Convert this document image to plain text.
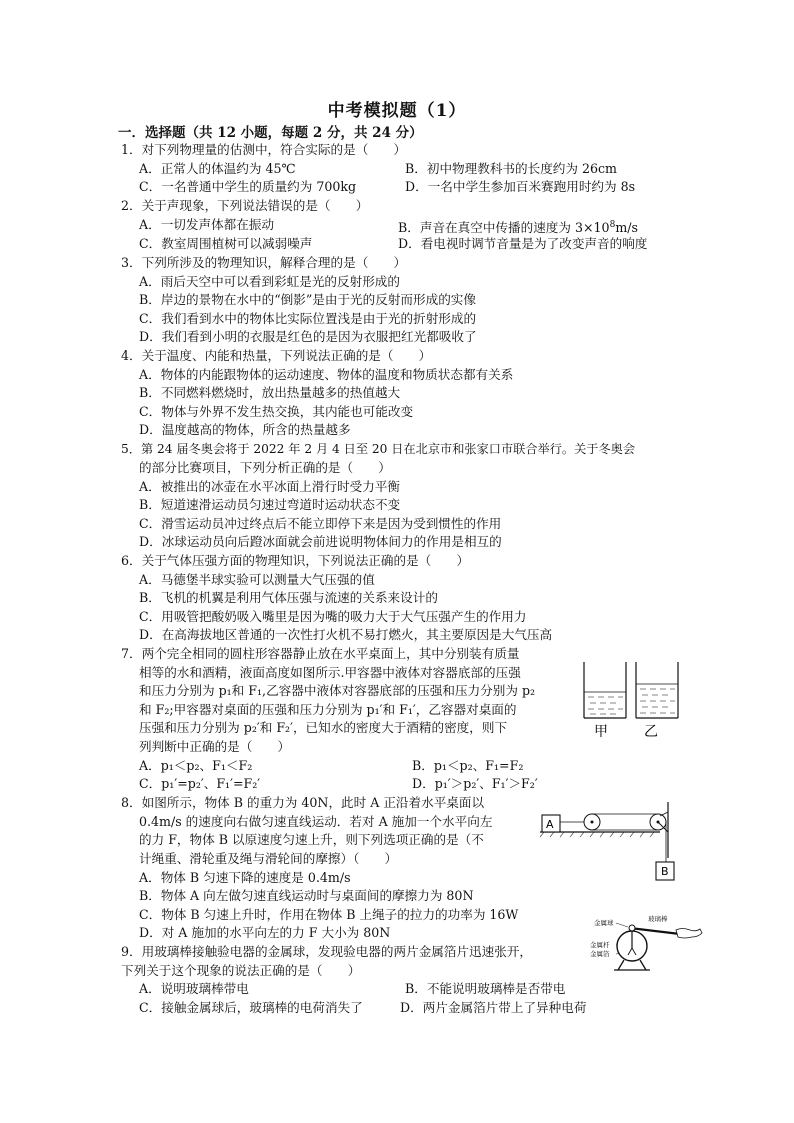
中考模拟题（1）
一．选择题（共 12 小题，每题 2 分，共 24 分）
1．对下列物理量的估测中，符合实际的是（　　）
A．正常人的体温约为 45℃	B．初中物理教科书的长度约为 26cm
C．一名普通中学生的质量约为 700kg	D．一名中学生参加百米赛跑用时约为 8s
2．关于声现象，下列说法错误的是（　　）
A．一切发声体都在振动	B．声音在真空中传播的速度为 $3\times 10^8m/s$
C．教室周围植树可以减弱噪声	D．看电视时调节音量是为了改变声音的响度
3．下列所涉及的物理知识，解释合理的是（　　）
A．雨后天空中可以看到彩虹是光的反射形成的
B．岸边的景物在水中的“倒影”是由于光的反射而形成的实像
C．我们看到水中的物体比实际位置浅是由于光的折射形成的
D．我们看到小明的衣服是红色的是因为衣服把红光都吸收了
4．关于温度、内能和热量，下列说法正确的是（　　）
A．物体的内能跟物体的运动速度、物体的温度和物质状态都有关系
B．不同燃料燃烧时，放出热量越多的热值越大
C．物体与外界不发生热交换，其内能也可能改变
D．温度越高的物体，所含的热量越多
5．第 24 届冬奥会将于 2022 年 2 月 4 日至 20 日在北京市和张家口市联合举行。关于冬奥会
的部分比赛项目，下列分析正确的是（　　）
A．被推出的冰壶在水平冰面上滑行时受力平衡
B．短道速滑运动员匀速过弯道时运动状态不变
C．滑雪运动员冲过终点后不能立即停下来是因为受到惯性的作用
D．冰球运动员向后蹬冰面就会前进说明物体间力的作用是相互的
6．关于气体压强方面的物理知识，下列说法正确的是（　　）
A．马德堡半球实验可以测量大气压强的值
B．飞机的机翼是利用气体压强与流速的关系来设计的
C．用吸管把酸奶吸入嘴里是因为嘴的吸力大于大气压强产生的作用力
D．在高海拔地区普通的一次性打火机不易打燃火，其主要原因是大气压高
7．两个完全相同的圆柱形容器静止放在水平桌面上，其中分别装有质量
相等的水和酒精，液面高度如图所示.甲容器中液体对容器底部的压强
和压力分别为 p₁和 F₁,乙容器中液体对容器底部的压强和压力分别为 p₂
和 F₂;甲容器对桌面的压强和压力分别为 p₁′和 F₁′，乙容器对桌面的
压强和压力分别为 p₂′和 F₂′，已知水的密度大于酒精的密度，则下
列判断中正确的是（　　）
A．p₁＜p₂、F₁＜F₂	B．p₁＜p₂、F₁=F₂
C．p₁′=p₂′、F₁′=F₂′	D．p₁′＞p₂′、F₁′＞F₂′
甲	乙
8．如图所示，物体 B 的重力为 40N，此时 A 正沿着水平桌面以
0.4m/s 的速度向右做匀速直线运动．若对 A 施加一个水平向左
的力 F，物体 B 以原速度匀速上升，则下列选项正确的是（不
计绳重、滑轮重及绳与滑轮间的摩擦）（　　）
A．物体 B 匀速下降的速度是 0.4m/s
B．物体 A 向左做匀速直线运动时与桌面间的摩擦力为 80N
C．物体 B 匀速上升时，作用在物体 B 上绳子的拉力的功率为 16W
D．对 A 施加的水平向左的力 F 大小为 80N
A
B
9．用玻璃棒接触验电器的金属球，发现验电器的两片金属箔片迅速张开，
下列关于这个现象的说法正确的是（　　）
A．说明玻璃棒带电	B．不能说明玻璃棒是否带电
C．接触金属球后，玻璃棒的电荷消失了	D．两片金属箔片带上了异种电荷
金属球	玻璃棒
金属杆
金属箔
